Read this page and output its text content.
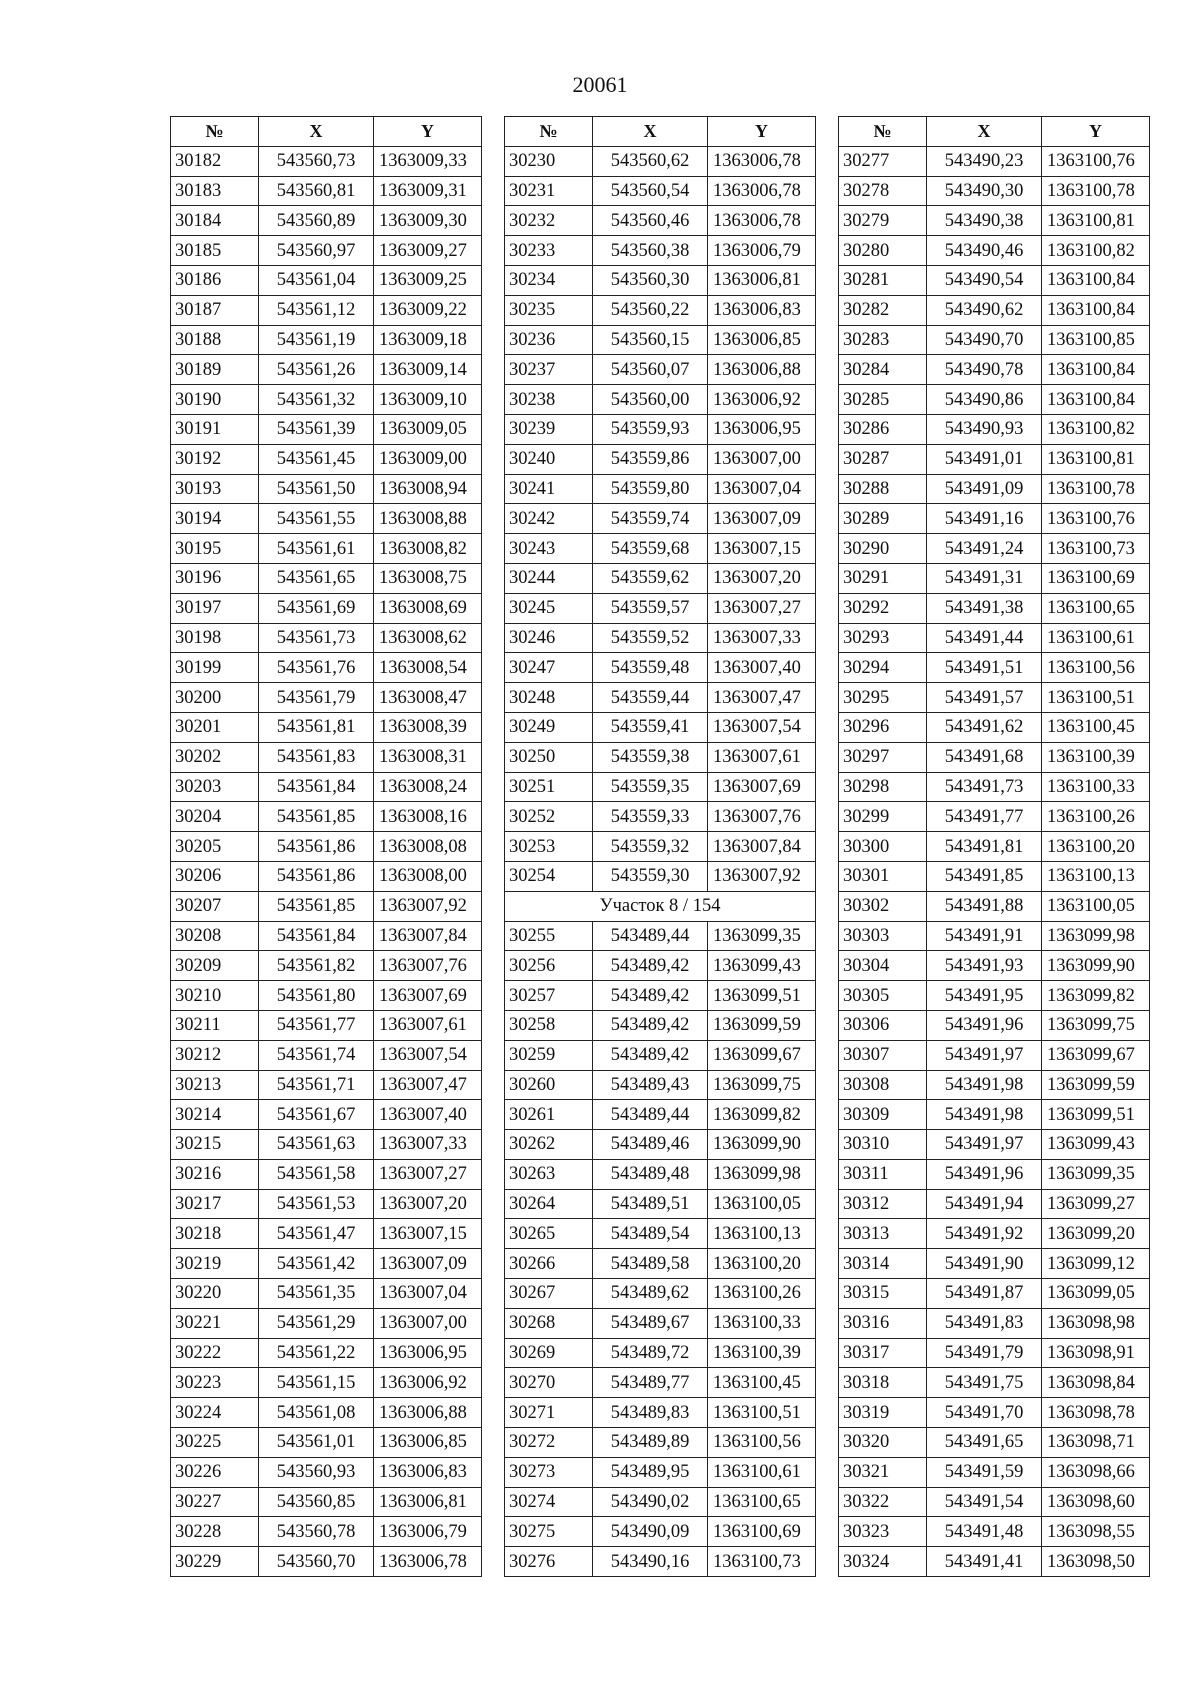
20061
№	X	Y
30182	543560,73	1363009,33
30183	543560,81	1363009,31
30184	543560,89	1363009,30
30185	543560,97	1363009,27
30186	543561,04	1363009,25
30187	543561,12	1363009,22
30188	543561,19	1363009,18
30189	543561,26	1363009,14
30190	543561,32	1363009,10
30191	543561,39	1363009,05
30192	543561,45	1363009,00
30193	543561,50	1363008,94
30194	543561,55	1363008,88
30195	543561,61	1363008,82
30196	543561,65	1363008,75
30197	543561,69	1363008,69
30198	543561,73	1363008,62
30199	543561,76	1363008,54
30200	543561,79	1363008,47
30201	543561,81	1363008,39
30202	543561,83	1363008,31
30203	543561,84	1363008,24
30204	543561,85	1363008,16
30205	543561,86	1363008,08
30206	543561,86	1363008,00
30207	543561,85	1363007,92
30208	543561,84	1363007,84
30209	543561,82	1363007,76
30210	543561,80	1363007,69
30211	543561,77	1363007,61
30212	543561,74	1363007,54
30213	543561,71	1363007,47
30214	543561,67	1363007,40
30215	543561,63	1363007,33
30216	543561,58	1363007,27
30217	543561,53	1363007,20
30218	543561,47	1363007,15
30219	543561,42	1363007,09
30220	543561,35	1363007,04
30221	543561,29	1363007,00
30222	543561,22	1363006,95
30223	543561,15	1363006,92
30224	543561,08	1363006,88
30225	543561,01	1363006,85
30226	543560,93	1363006,83
30227	543560,85	1363006,81
30228	543560,78	1363006,79
30229	543560,70	1363006,78
№	X	Y
30230	543560,62	1363006,78
30231	543560,54	1363006,78
30232	543560,46	1363006,78
30233	543560,38	1363006,79
30234	543560,30	1363006,81
30235	543560,22	1363006,83
30236	543560,15	1363006,85
30237	543560,07	1363006,88
30238	543560,00	1363006,92
30239	543559,93	1363006,95
30240	543559,86	1363007,00
30241	543559,80	1363007,04
30242	543559,74	1363007,09
30243	543559,68	1363007,15
30244	543559,62	1363007,20
30245	543559,57	1363007,27
30246	543559,52	1363007,33
30247	543559,48	1363007,40
30248	543559,44	1363007,47
30249	543559,41	1363007,54
30250	543559,38	1363007,61
30251	543559,35	1363007,69
30252	543559,33	1363007,76
30253	543559,32	1363007,84
30254	543559,30	1363007,92
Участок 8 / 154		
30255	543489,44	1363099,35
30256	543489,42	1363099,43
30257	543489,42	1363099,51
30258	543489,42	1363099,59
30259	543489,42	1363099,67
30260	543489,43	1363099,75
30261	543489,44	1363099,82
30262	543489,46	1363099,90
30263	543489,48	1363099,98
30264	543489,51	1363100,05
30265	543489,54	1363100,13
30266	543489,58	1363100,20
30267	543489,62	1363100,26
30268	543489,67	1363100,33
30269	543489,72	1363100,39
30270	543489,77	1363100,45
30271	543489,83	1363100,51
30272	543489,89	1363100,56
30273	543489,95	1363100,61
30274	543490,02	1363100,65
30275	543490,09	1363100,69
30276	543490,16	1363100,73
№	X	Y
30277	543490,23	1363100,76
30278	543490,30	1363100,78
30279	543490,38	1363100,81
30280	543490,46	1363100,82
30281	543490,54	1363100,84
30282	543490,62	1363100,84
30283	543490,70	1363100,85
30284	543490,78	1363100,84
30285	543490,86	1363100,84
30286	543490,93	1363100,82
30287	543491,01	1363100,81
30288	543491,09	1363100,78
30289	543491,16	1363100,76
30290	543491,24	1363100,73
30291	543491,31	1363100,69
30292	543491,38	1363100,65
30293	543491,44	1363100,61
30294	543491,51	1363100,56
30295	543491,57	1363100,51
30296	543491,62	1363100,45
30297	543491,68	1363100,39
30298	543491,73	1363100,33
30299	543491,77	1363100,26
30300	543491,81	1363100,20
30301	543491,85	1363100,13
30302	543491,88	1363100,05
30303	543491,91	1363099,98
30304	543491,93	1363099,90
30305	543491,95	1363099,82
30306	543491,96	1363099,75
30307	543491,97	1363099,67
30308	543491,98	1363099,59
30309	543491,98	1363099,51
30310	543491,97	1363099,43
30311	543491,96	1363099,35
30312	543491,94	1363099,27
30313	543491,92	1363099,20
30314	543491,90	1363099,12
30315	543491,87	1363099,05
30316	543491,83	1363098,98
30317	543491,79	1363098,91
30318	543491,75	1363098,84
30319	543491,70	1363098,78
30320	543491,65	1363098,71
30321	543491,59	1363098,66
30322	543491,54	1363098,60
30323	543491,48	1363098,55
30324	543491,41	1363098,50
